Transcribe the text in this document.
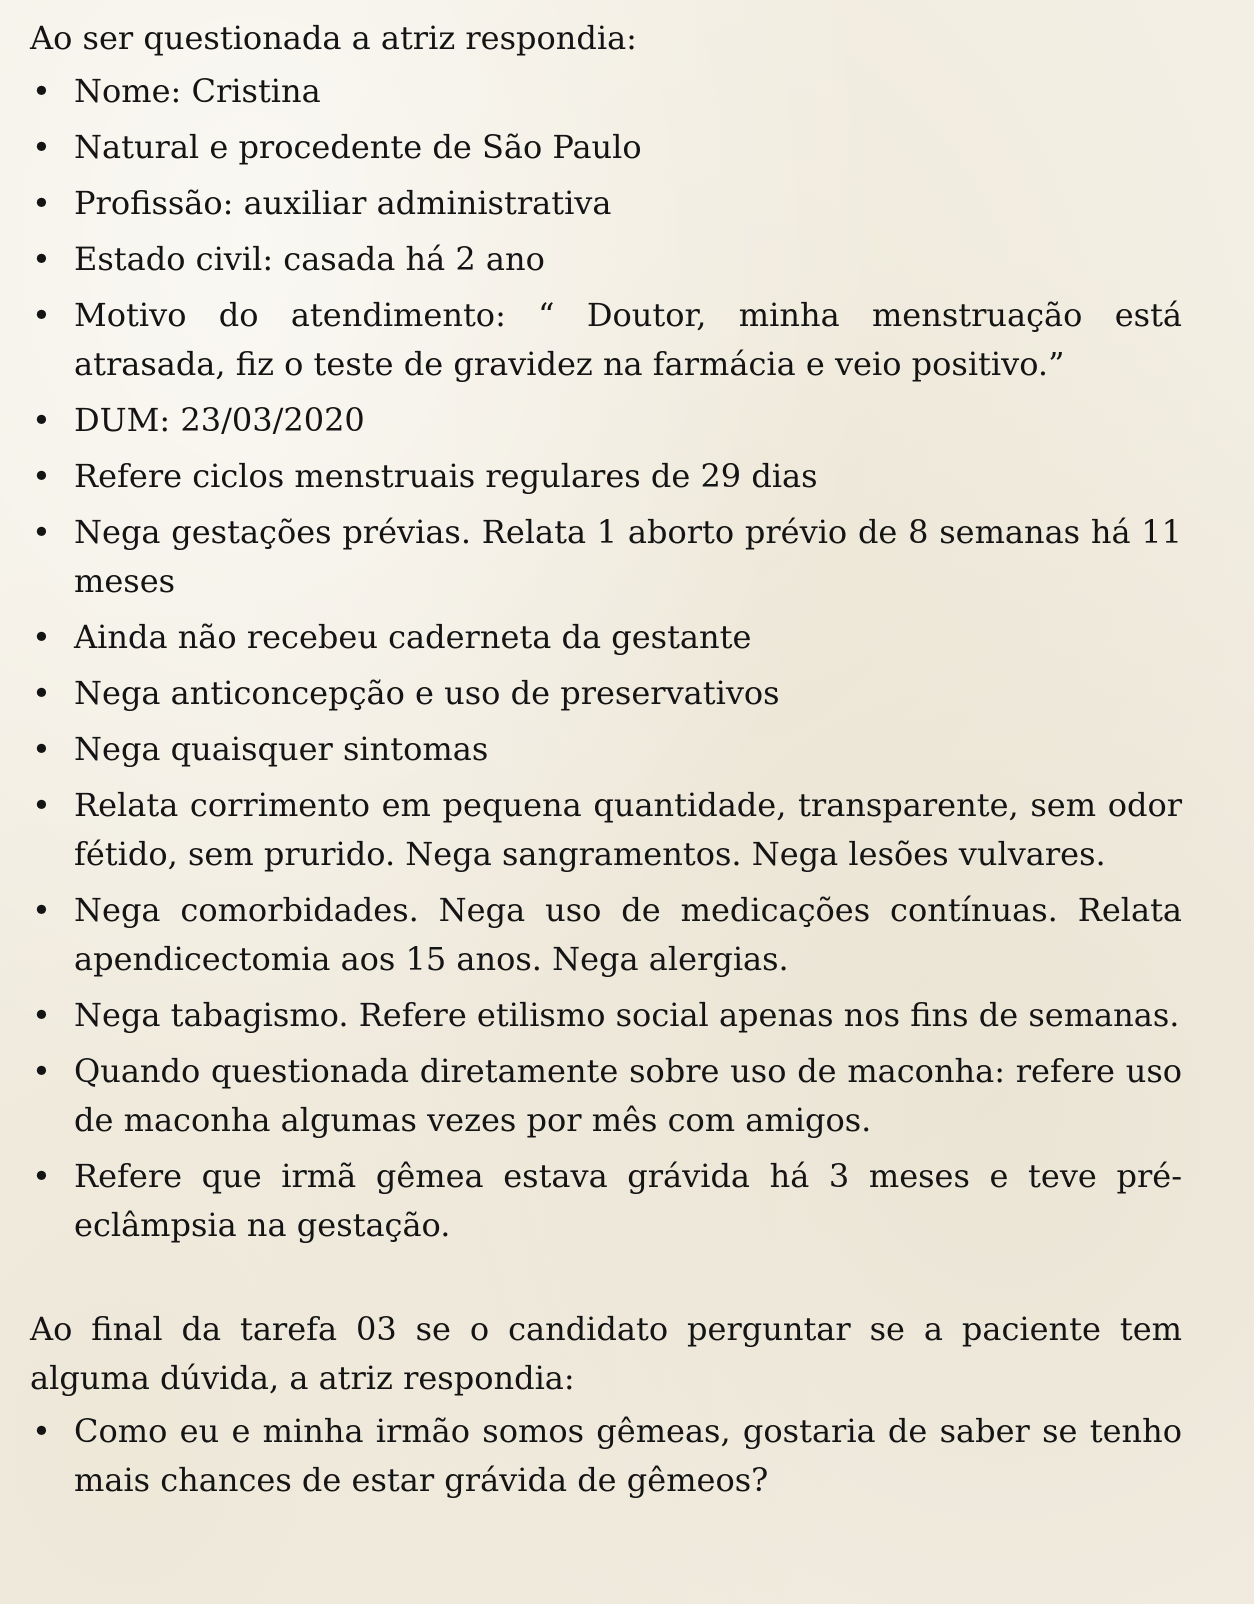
Ao ser questionada a atriz respondia:

• Nome: Cristina
• Natural e procedente de São Paulo
• Profissão: auxiliar administrativa
• Estado civil: casada há 2 ano
• Motivo do atendimento: “ Doutor, minha menstruação está atrasada, fiz o teste de gravidez na farmácia e veio positivo.”
• DUM: 23/03/2020
• Refere ciclos menstruais regulares de 29 dias
• Nega gestações prévias. Relata 1 aborto prévio de 8 semanas há 11 meses
• Ainda não recebeu caderneta da gestante
• Nega anticoncepção e uso de preservativos
• Nega quaisquer sintomas
• Relata corrimento em pequena quantidade, transparente, sem odor fétido, sem prurido. Nega sangramentos. Nega lesões vulvares.
• Nega comorbidades. Nega uso de medicações contínuas. Relata apendicectomia aos 15 anos. Nega alergias.
• Nega tabagismo. Refere etilismo social apenas nos fins de semanas.
• Quando questionada diretamente sobre uso de maconha: refere uso de maconha algumas vezes por mês com amigos.
• Refere que irmã gêmea estava grávida há 3 meses e teve pré-eclâmpsia na gestação.

Ao final da tarefa 03 se o candidato perguntar se a paciente tem alguma dúvida, a atriz respondia:

• Como eu e minha irmão somos gêmeas, gostaria de saber se tenho mais chances de estar grávida de gêmeos?
